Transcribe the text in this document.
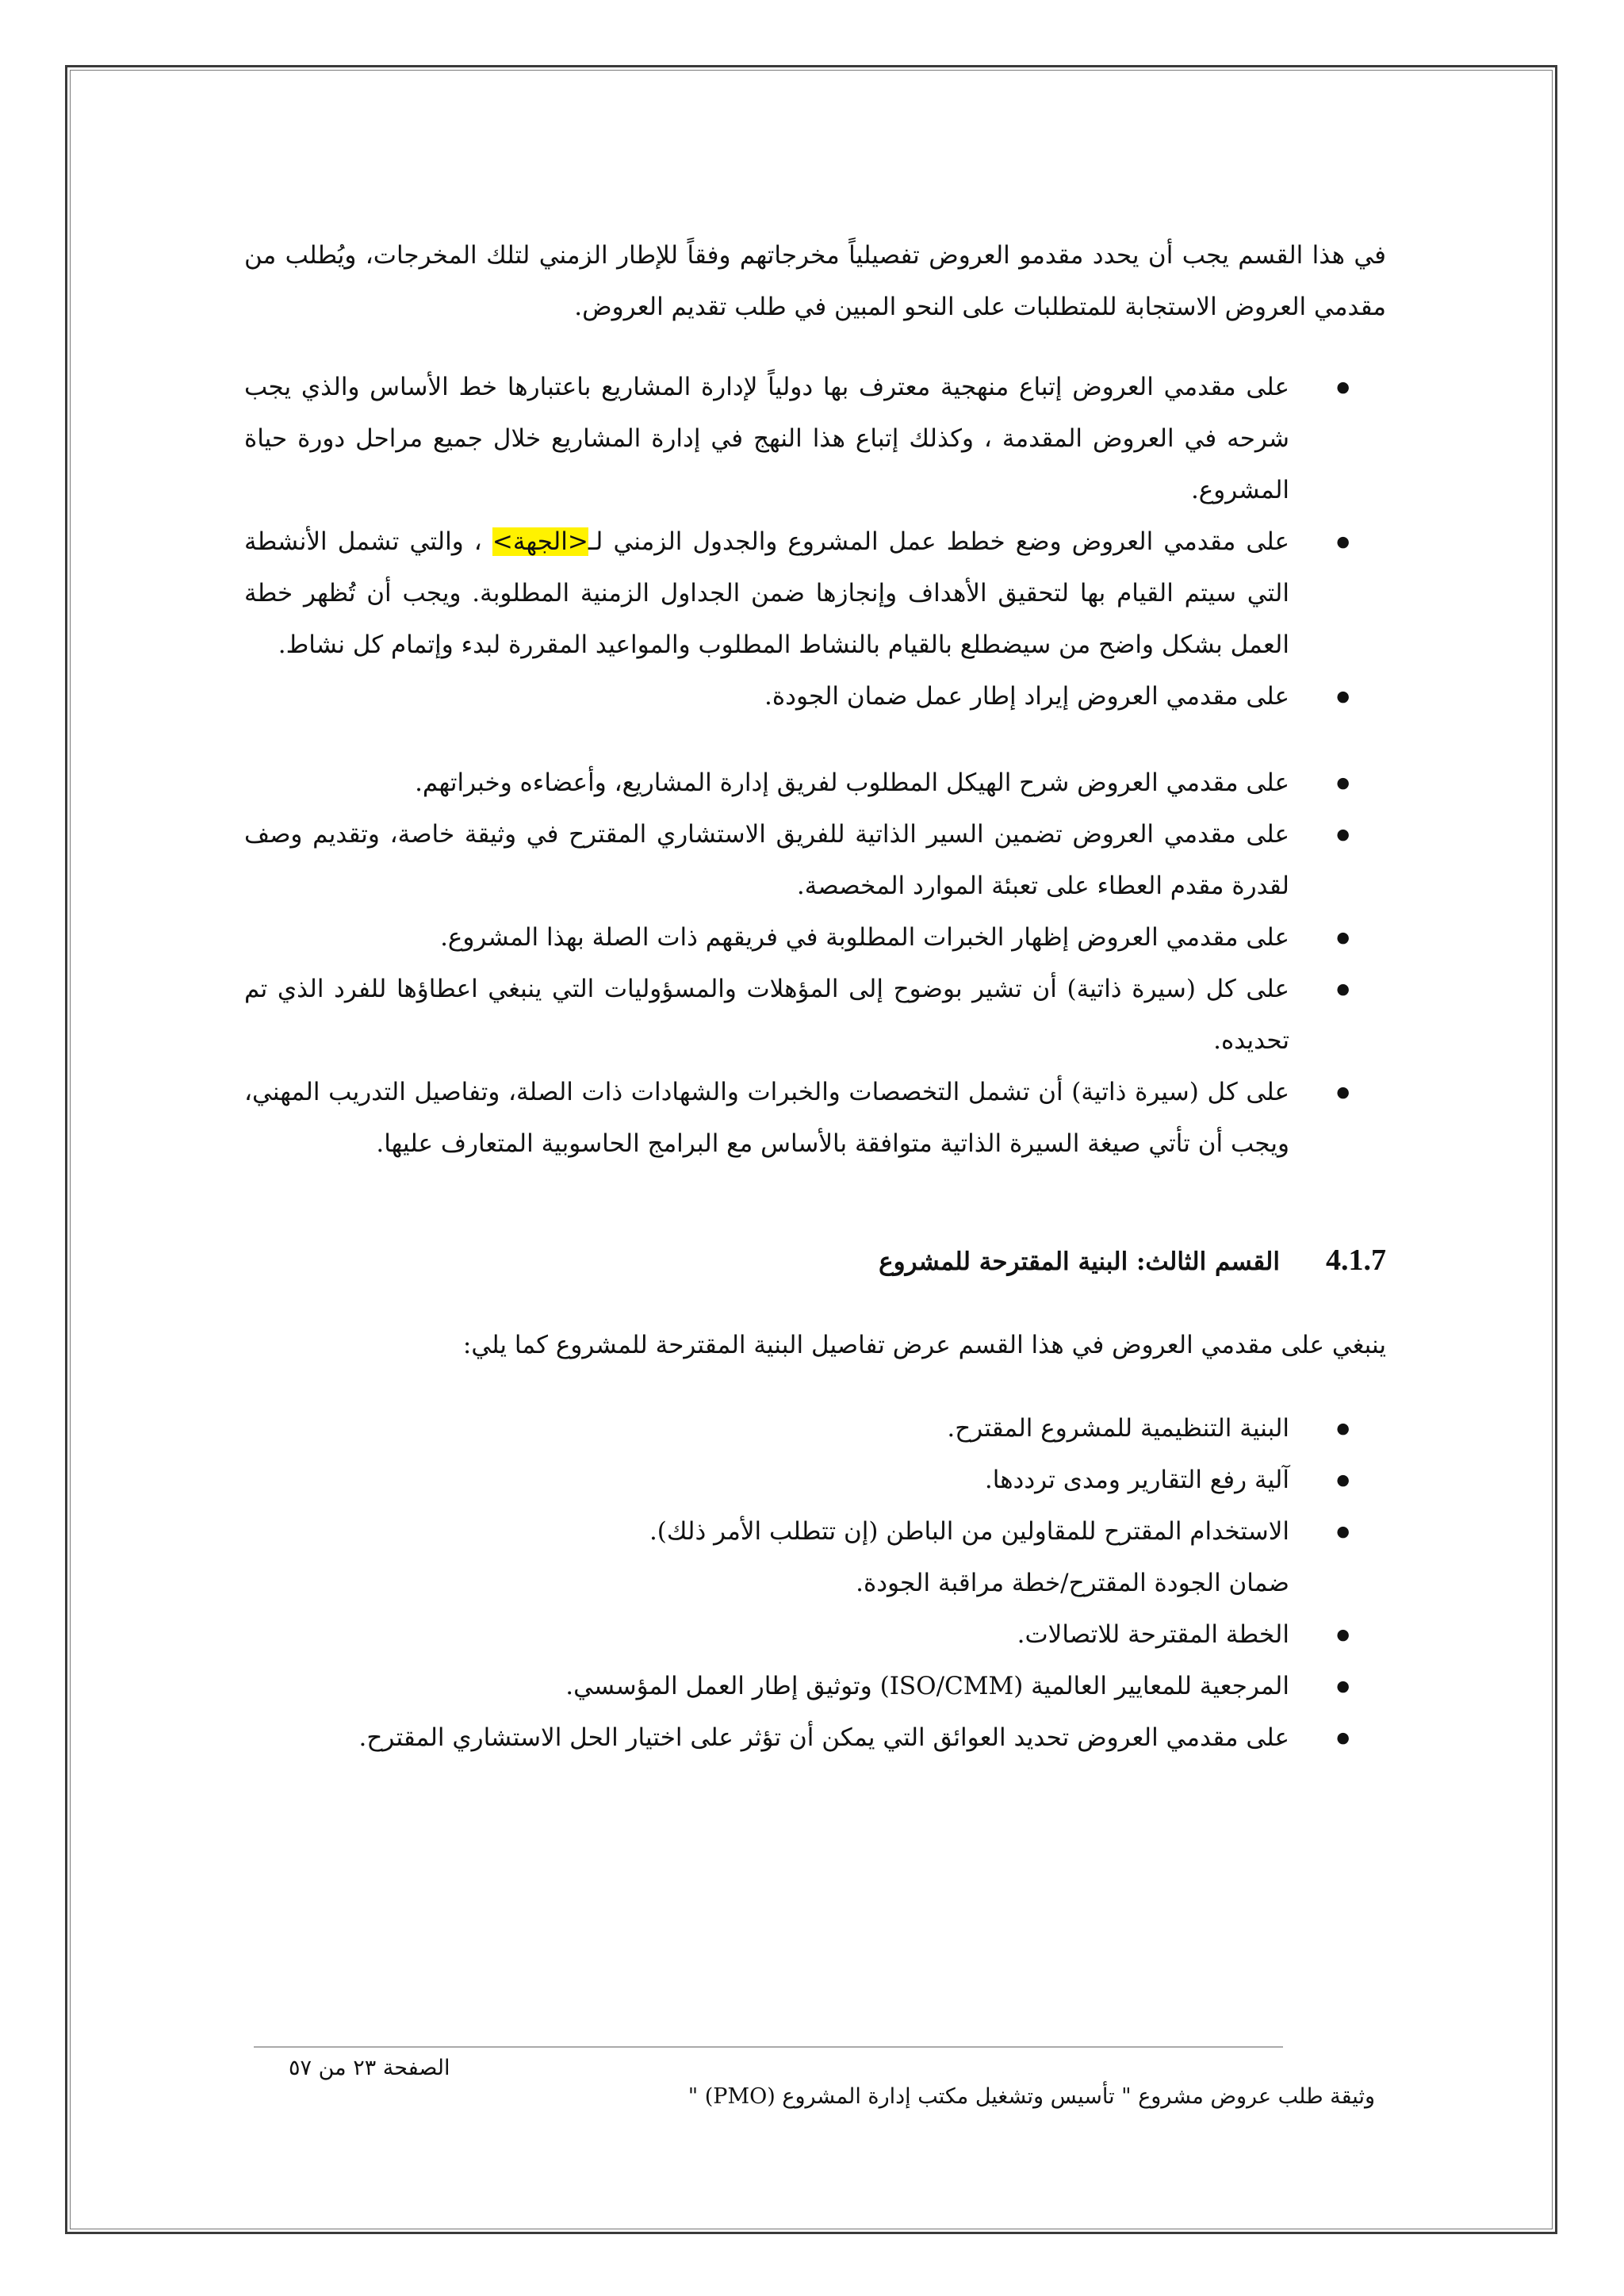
في هذا القسم يجب أن يحدد مقدمو العروض تفصيلياً مخرجاتهم وفقاً للإطار الزمني لتلك المخرجات، ويُطلب من مقدمي العروض الاستجابة للمتطلبات على النحو المبين في طلب تقديم العروض.

● على مقدمي العروض إتباع منهجية معترف بها دولياً لإدارة المشاريع باعتبارها خط الأساس والذي يجب شرحه في العروض المقدمة ، وكذلك إتباع هذا النهج في إدارة المشاريع خلال جميع مراحل دورة حياة المشروع.
● على مقدمي العروض وضع خطط عمل المشروع والجدول الزمني لـ<الجهة> ، والتي تشمل الأنشطة التي سيتم القيام بها لتحقيق الأهداف وإنجازها ضمن الجداول الزمنية المطلوبة. ويجب أن تُظهر خطة العمل بشكل واضح من سيضطلع بالقيام بالنشاط المطلوب والمواعيد المقررة لبدء وإتمام كل نشاط.
● على مقدمي العروض إيراد إطار عمل ضمان الجودة.
● على مقدمي العروض شرح الهيكل المطلوب لفريق إدارة المشاريع، وأعضاءه وخبراتهم.
● على مقدمي العروض تضمين السير الذاتية للفريق الاستشاري المقترح في وثيقة خاصة، وتقديم وصف لقدرة مقدم العطاء على تعبئة الموارد المخصصة.
● على مقدمي العروض إظهار الخبرات المطلوبة في فريقهم ذات الصلة بهذا المشروع.
● على كل (سيرة ذاتية) أن تشير بوضوح إلى المؤهلات والمسؤوليات التي ينبغي اعطاؤها للفرد الذي تم تحديده.
● على كل (سيرة ذاتية) أن تشمل التخصصات والخبرات والشهادات ذات الصلة، وتفاصيل التدريب المهني، ويجب أن تأتي صيغة السيرة الذاتية متوافقة بالأساس مع البرامج الحاسوبية المتعارف عليها.
4.1.7
القسم الثالث: البنية المقترحة للمشروع

ينبغي على مقدمي العروض في هذا القسم عرض تفاصيل البنية المقترحة للمشروع كما يلي:

● البنية التنظيمية للمشروع المقترح.
● آلية رفع التقارير ومدى ترددها.
● الاستخدام المقترح للمقاولين من الباطن (إن تتطلب الأمر ذلك).
ضمان الجودة المقترح/خطة مراقبة الجودة.
● الخطة المقترحة للاتصالات.
● المرجعية للمعايير العالمية (ISO/CMM) وتوثيق إطار العمل المؤسسي.
● على مقدمي العروض تحديد العوائق التي يمكن أن تؤثر على اختيار الحل الاستشاري المقترح.
الصفحة ٢٣ من ٥٧
وثيقة طلب عروض مشروع " تأسيس وتشغيل مكتب إدارة المشروع (PMO) "
